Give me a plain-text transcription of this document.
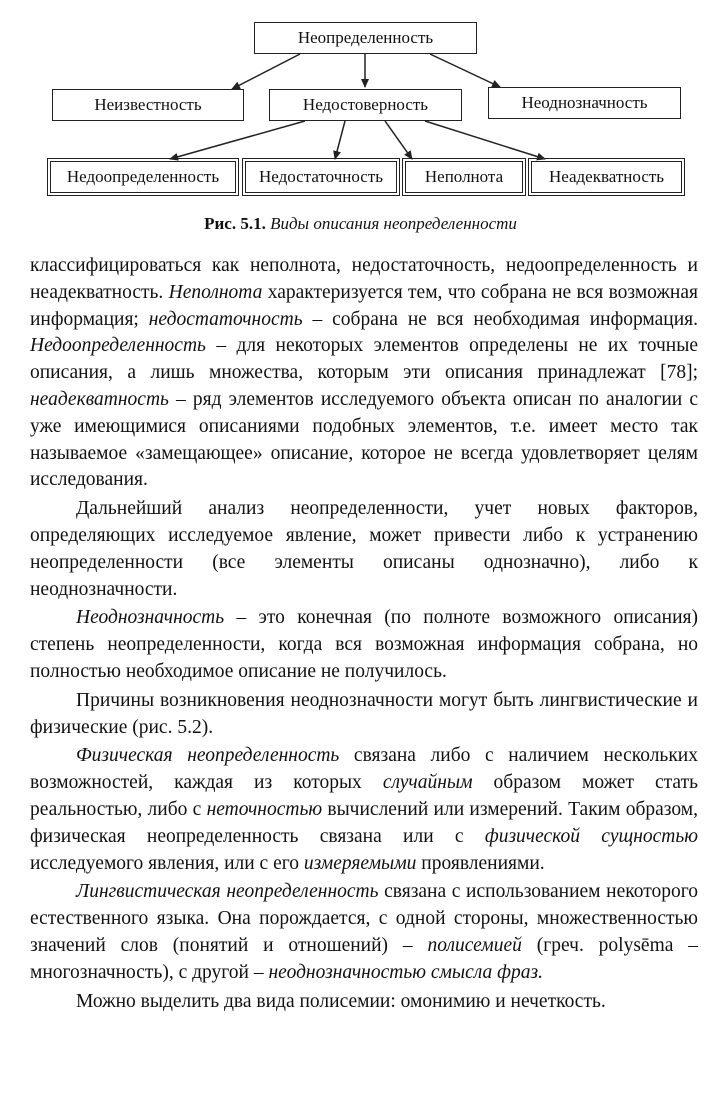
Неопределенность
Неизвестность	Недостоверность	Неоднозначность
Недоопределенность	Недостаточность	Неполнота	Неадекватность
Рис. 5.1. Виды описания неопределенности

классифицироваться как неполнота, недостаточность, недоопределенность и неадекватность. Неполнота характеризуется тем, что собрана не вся возможная информация; недостаточность – собрана не вся необходимая информация. Недоопределенность – для некоторых элементов определены не их точные описания, а лишь множества, которым эти описания принадлежат [78]; неадекватность – ряд элементов исследуемого объекта описан по аналогии с уже имеющимися описаниями подобных элементов, т.е. имеет место так называемое «замещающее» описание, которое не всегда удовлетворяет целям исследования.

Дальнейший анализ неопределенности, учет новых факторов, определяющих исследуемое явление, может привести либо к устранению неопределенности (все элементы описаны однозначно), либо к неоднозначности.

Неоднозначность – это конечная (по полноте возможного описания) степень неопределенности, когда вся возможная информация собрана, но полностью необходимое описание не получилось.

Причины возникновения неоднозначности могут быть лингвистические и физические (рис. 5.2).

Физическая неопределенность связана либо с наличием нескольких возможностей, каждая из которых случайным образом может стать реальностью, либо с неточностью вычислений или измерений. Таким образом, физическая неопределенность связана или с физической сущностью исследуемого явления, или с его измеряемыми проявлениями.

Лингвистическая неопределенность связана с использованием некоторого естественного языка. Она порождается, с одной стороны, множественностью значений слов (понятий и отношений) – полисемией (греч. polysēma – многозначность), с другой – неоднозначностью смысла фраз.

Можно выделить два вида полисемии: омонимию и нечеткость.
